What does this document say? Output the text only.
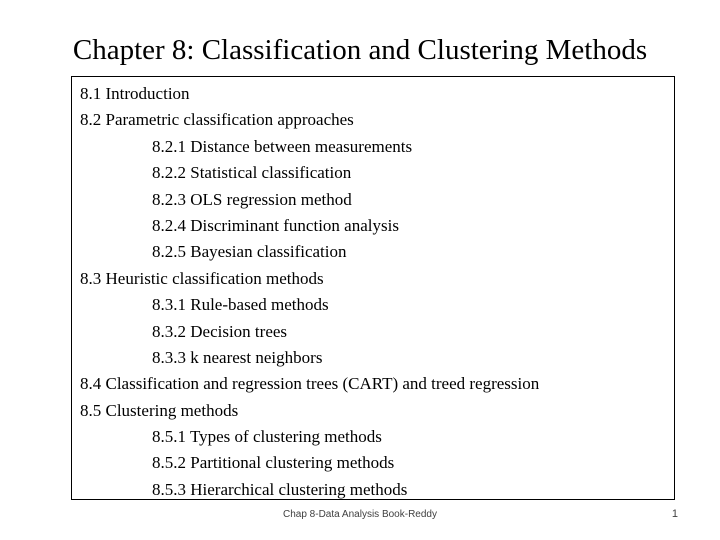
Chapter 8: Classification and Clustering Methods
8.1 Introduction
8.2 Parametric classification approaches
8.2.1 Distance between measurements
8.2.2 Statistical classification
8.2.3 OLS regression method
8.2.4 Discriminant function analysis
8.2.5 Bayesian classification
8.3 Heuristic classification methods
8.3.1 Rule-based methods
8.3.2 Decision trees
8.3.3 k nearest neighbors
8.4 Classification and regression trees (CART) and treed regression
8.5 Clustering methods
8.5.1 Types of clustering methods
8.5.2 Partitional clustering methods
8.5.3 Hierarchical clustering methods
Chap 8-Data Analysis Book-Reddy	1
